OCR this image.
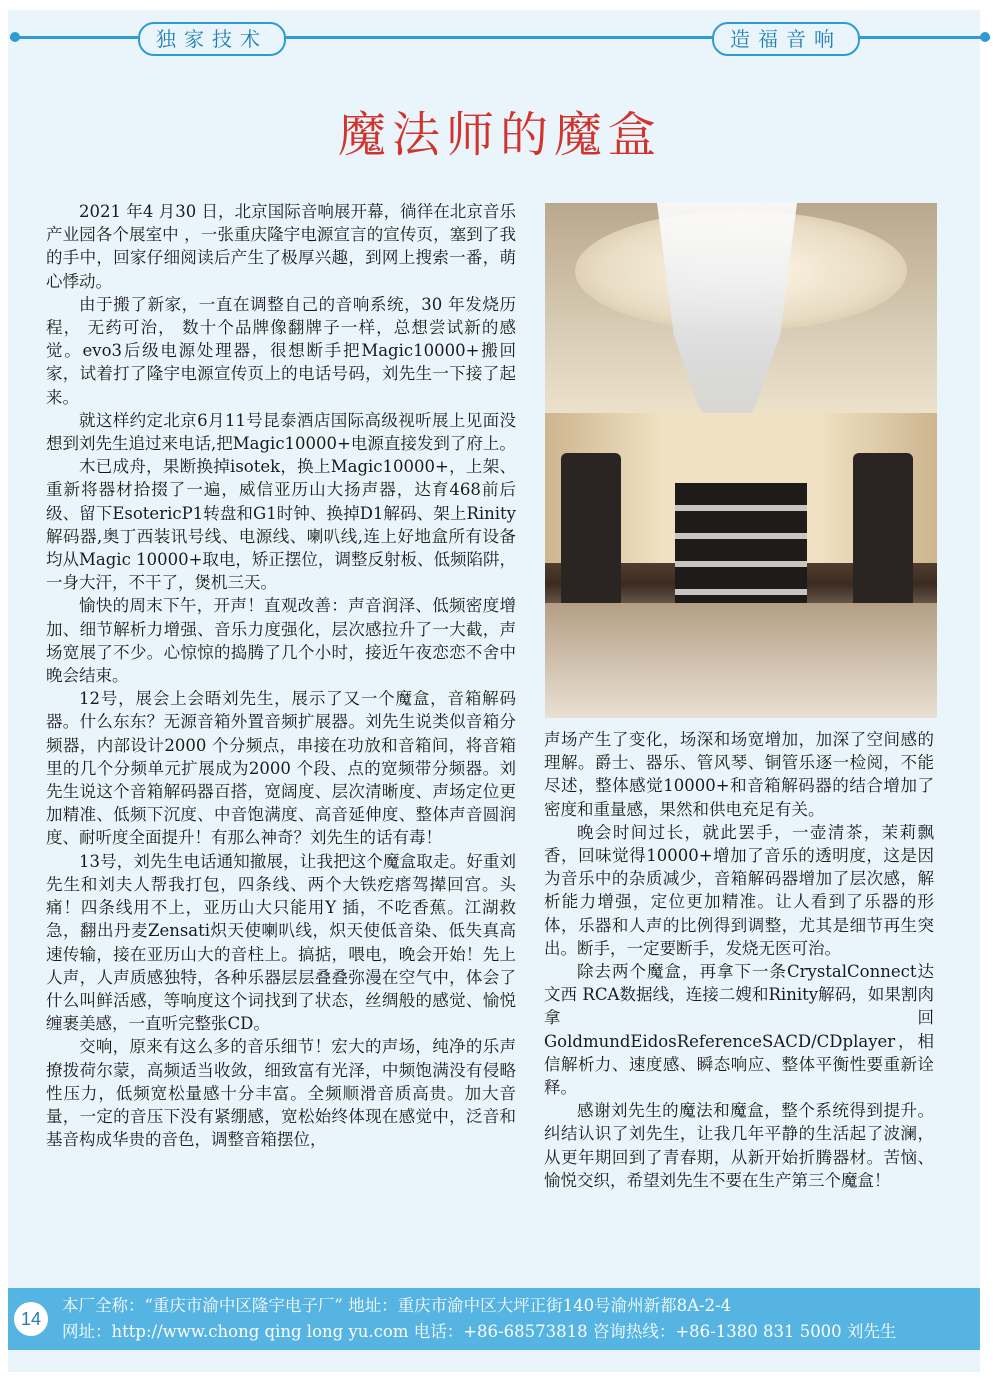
独家技术	造福音响
魔法师的魔盒

2021 年4 月30 日，北京国际音响展开幕，徜徉在北京音乐产业园各个展室中 ，一张重庆隆宇电源宣言的宣传页，塞到了我的手中，回家仔细阅读后产生了极厚兴趣，到网上搜索一番，萌心悸动。

由于搬了新家，一直在调整自己的音响系统，30 年发烧历程， 无药可治， 数十个品牌像翻牌子一样，总想尝试新的感觉。evo3后级电源处理器，很想断手把Magic10000+搬回家，试着打了隆宇电源宣传页上的电话号码，刘先生一下接了起来。

就这样约定北京6月11号昆泰酒店国际高级视听展上见面没想到刘先生追过来电话,把Magic10000+电源直接发到了府上。

木已成舟，果断换掉isotek，换上Magic10000+，上架、重新将器材拾掇了一遍，威信亚历山大扬声器，达育468前后级、留下EsotericP1转盘和G1时钟、换掉D1解码、架上Rinity解码器,奥丁西装讯号线、电源线、喇叭线,连上好地盒所有设备均从Magic 10000+取电，矫正摆位，调整反射板、低频陷阱，一身大汗，不干了，煲机三天。

愉快的周末下午，开声！直观改善：声音润泽、低频密度增加、细节解析力增强、音乐力度强化，层次感拉升了一大截，声场宽展了不少。心惊惊的捣腾了几个小时，接近午夜恋恋不舍中晚会结束。

12号，展会上会晤刘先生，展示了又一个魔盒，音箱解码器。什么东东？无源音箱外置音频扩展器。刘先生说类似音箱分频器，内部设计2000 个分频点，串接在功放和音箱间，将音箱里的几个分频单元扩展成为2000 个段、点的宽频带分频器。刘先生说这个音箱解码器百搭，宽阔度、层次清晰度、声场定位更加精准、低频下沉度、中音饱满度、高音延伸度、整体声音圆润度、耐听度全面提升！有那么神奇？刘先生的话有毒！

13号，刘先生电话通知撤展，让我把这个魔盒取走。好重刘先生和刘夫人帮我打包，四条线、两个大铁疙瘩驾撵回宫。头痛！四条线用不上，亚历山大只能用Y 插，不吃香蕉。江湖救急，翻出丹麦Zensati炽天使喇叭线，炽天使低音染、低失真高速传输，接在亚历山大的音柱上。搞掂，喂电，晚会开始！先上人声，人声质感独特，各种乐器层层叠叠弥漫在空气中，体会了什么叫鲜活感，等响度这个词找到了状态，丝绸般的感觉、愉悦缠裹美感，一直听完整张CD。

交响，原来有这么多的音乐细节！宏大的声场，纯净的乐声撩拨荷尔蒙，高频适当收敛，细致富有光泽，中频饱满没有侵略性压力，低频宽松量感十分丰富。全频顺滑音质高贵。加大音量，一定的音压下没有紧绷感，宽松始终体现在感觉中，泛音和基音构成华贵的音色，调整音箱摆位，

声场产生了变化，场深和场宽增加，加深了空间感的理解。爵士、器乐、管风琴、铜管乐逐一检阅，不能尽述，整体感觉10000+和音箱解码器的结合增加了密度和重量感，果然和供电充足有关。

晚会时间过长，就此罢手，一壶清茶，茉莉飘香，回味觉得10000+增加了音乐的透明度，这是因为音乐中的杂质减少，音箱解码器增加了层次感，解析能力增强，定位更加精准。让人看到了乐器的形体，乐器和人声的比例得到调整，尤其是细节再生突出。断手，一定要断手，发烧无医可治。

除去两个魔盒，再拿下一条CrystalConnect达文西 RCA数据线，连接二嫂和Rinity解码，如果割肉拿回 GoldmundEidosReferenceSACD/CDplayer，相信解析力、速度感、瞬态响应、整体平衡性要重新诠释。

感谢刘先生的魔法和魔盒，整个系统得到提升。纠结认识了刘先生，让我几年平静的生活起了波澜，从更年期回到了青春期，从新开始折腾器材。苦恼、愉悦交织，希望刘先生不要在生产第三个魔盒！

14
本厂全称：“重庆市渝中区隆宇电子厂” 地址：重庆市渝中区大坪正街140号渝州新都8A-2-4
网址：http://www.chong qing long yu.com 电话：+86-68573818 咨询热线：+86-1380 831 5000 刘先生
